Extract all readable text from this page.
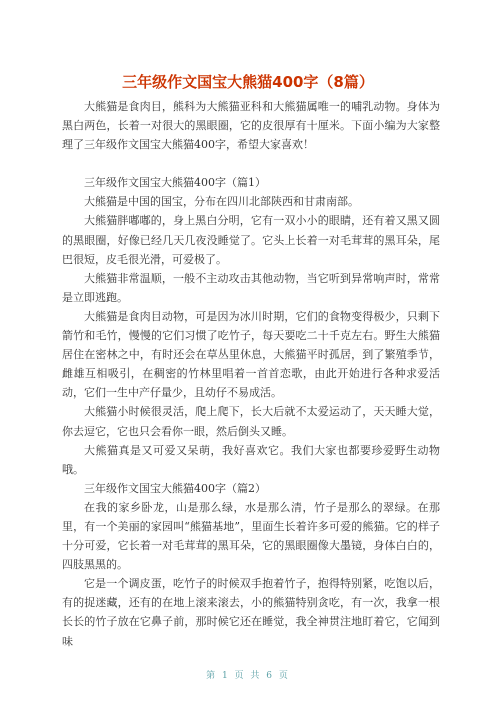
三年级作文国宝大熊猫400字（8篇）

大熊猫是食肉目，熊科为大熊猫亚科和大熊猫属唯一的哺乳动物。身体为黑白两色，长着一对很大的黑眼圈，它的皮很厚有十厘米。下面小编为大家整理了三年级作文国宝大熊猫400字，希望大家喜欢！

三年级作文国宝大熊猫400字（篇1）

大熊猫是中国的国宝，分布在四川北部陕西和甘肃南部。

大熊猫胖嘟嘟的，身上黑白分明，它有一双小小的眼睛，还有着又黑又圆的黑眼圈，好像已经几天几夜没睡觉了。它头上长着一对毛茸茸的黑耳朵，尾巴很短，皮毛很光滑，可爱极了。

大熊猫非常温顺，一般不主动攻击其他动物，当它听到异常响声时，常常是立即逃跑。

大熊猫是食肉目动物，可是因为冰川时期，它们的食物变得极少，只剩下箭竹和毛竹，慢慢的它们习惯了吃竹子，每天要吃二十千克左右。野生大熊猫居住在密林之中，有时还会在草丛里休息，大熊猫平时孤居，到了繁殖季节，雌雄互相吸引，在稠密的竹林里唱着一首首恋歌，由此开始进行各种求爱活动，它们一生中产仔量少，且幼仔不易成活。

大熊猫小时候很灵活，爬上爬下，长大后就不太爱运动了，天天睡大觉，你去逗它，它也只会看你一眼，然后倒头又睡。

大熊猫真是又可爱又呆萌，我好喜欢它。我们大家也都要珍爱野生动物哦。

三年级作文国宝大熊猫400字（篇2）

在我的家乡卧龙，山是那么绿，水是那么清，竹子是那么的翠绿。在那里，有一个美丽的家园叫“熊猫基地”，里面生长着许多可爱的熊猫。它的样子十分可爱，它长着一对毛茸茸的黑耳朵，它的黑眼圈像大墨镜，身体白白的，四肢黑黑的。

它是一个调皮蛋，吃竹子的时候双手抱着竹子，抱得特别紧，吃饱以后，有的捉迷藏，还有的在地上滚来滚去，小的熊猫特别贪吃，有一次，我拿一根长长的竹子放在它鼻子前，那时候它还在睡觉，我全神贯注地盯着它，它闻到味

第 1 页 共 6 页
